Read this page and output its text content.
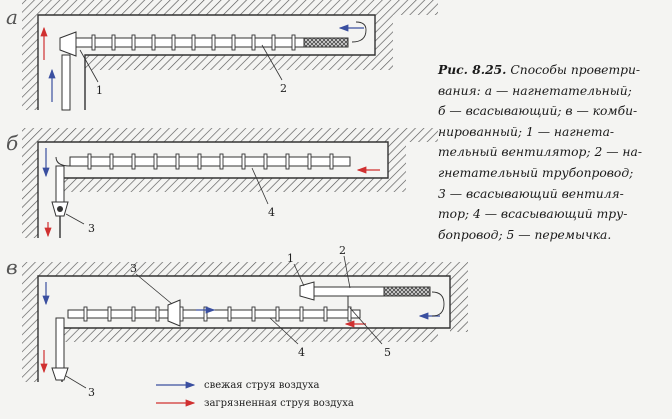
а
1	2
б
3
4
в	3
1
2
4	5
3
свежая струя воздуха
загрязненная струя воздуха
Рис. 8.25. Способы проветри-
вания: а — нагнетательный;
б — всасывающий; в — комби-
нированный; 1 — нагнета-
тельный вентилятор; 2 — на-
гнетательный трубопровод;
3 — всасывающий вентиля-
тор; 4 — всасывающий тру-
бопровод; 5 — перемычка.
